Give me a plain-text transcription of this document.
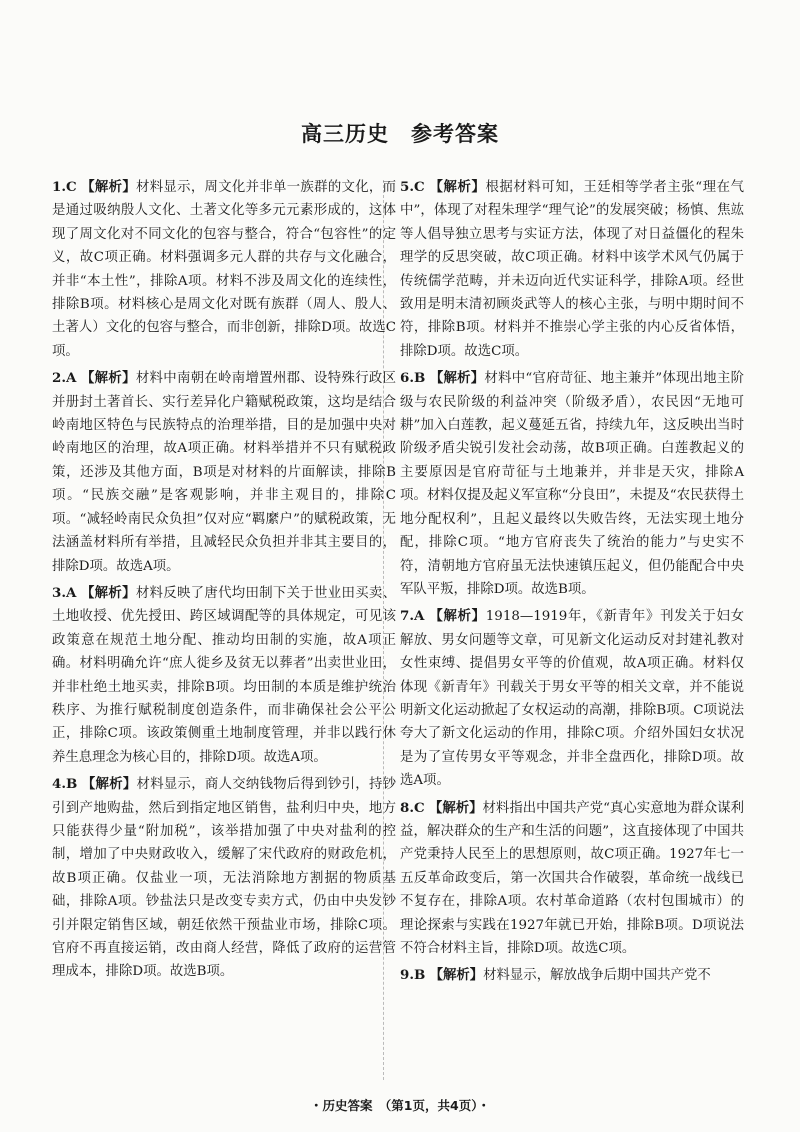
高三历史　参考答案
1.C 【解析】材料显示，周文化并非单一族群的文化，而是通过吸纳殷人文化、土著文化等多元元素形成的，这体现了周文化对不同文化的包容与整合，符合“包容性”的定义，故C项正确。材料强调多元人群的共存与文化融合，并非“本土性”，排除A项。材料不涉及周文化的连续性，排除B项。材料核心是周文化对既有族群（周人、殷人、土著人）文化的包容与整合，而非创新，排除D项。故选C项。
2.A 【解析】材料中南朝在岭南增置州郡、设特殊行政区并册封土著首长、实行差异化户籍赋税政策，这均是结合岭南地区特色与民族特点的治理举措，目的是加强中央对岭南地区的治理，故A项正确。材料举措并不只有赋税政策，还涉及其他方面，B项是对材料的片面解读，排除B项。“民族交融”是客观影响，并非主观目的，排除C项。“减轻岭南民众负担”仅对应“羁縻户”的赋税政策，无法涵盖材料所有举措，且减轻民众负担并非其主要目的，排除D项。故选A项。
3.A 【解析】材料反映了唐代均田制下关于世业田买卖、土地收授、优先授田、跨区域调配等的具体规定，可见该政策意在规范土地分配、推动均田制的实施，故A项正确。材料明确允许“庶人徙乡及贫无以葬者”出卖世业田，并非杜绝土地买卖，排除B项。均田制的本质是维护统治秩序、为推行赋税制度创造条件，而非确保社会公平公正，排除C项。该政策侧重土地制度管理，并非以践行休养生息理念为核心目的，排除D项。故选A项。
4.B 【解析】材料显示，商人交纳钱物后得到钞引，持钞引到产地购盐，然后到指定地区销售，盐利归中央，地方只能获得少量“附加税”，该举措加强了中央对盐利的控制，增加了中央财政收入，缓解了宋代政府的财政危机，故B项正确。仅盐业一项，无法消除地方割据的物质基础，排除A项。钞盐法只是改变专卖方式，仍由中央发钞引并限定销售区域，朝廷依然干预盐业市场，排除C项。官府不再直接运销，改由商人经营，降低了政府的运营管理成本，排除D项。故选B项。
5.C 【解析】根据材料可知，王廷相等学者主张“理在气中”，体现了对程朱理学“理气论”的发展突破；杨慎、焦竑等人倡导独立思考与实证方法，体现了对日益僵化的程朱理学的反思突破，故C项正确。材料中该学术风气仍属于传统儒学范畴，并未迈向近代实证科学，排除A项。经世致用是明末清初顾炎武等人的核心主张，与明中期时间不符，排除B项。材料并不推崇心学主张的内心反省体悟，排除D项。故选C项。
6.B 【解析】材料中“官府苛征、地主兼并”体现出地主阶级与农民阶级的利益冲突（阶级矛盾），农民因“无地可耕”加入白莲教，起义蔓延五省，持续九年，这反映出当时阶级矛盾尖锐引发社会动荡，故B项正确。白莲教起义的主要原因是官府苛征与土地兼并，并非是天灾，排除A项。材料仅提及起义军宣称“分良田”，未提及“农民获得土地分配权利”，且起义最终以失败告终，无法实现土地分配，排除C项。“地方官府丧失了统治的能力”与史实不符，清朝地方官府虽无法快速镇压起义，但仍能配合中央军队平叛，排除D项。故选B项。
7.A 【解析】1918—1919年，《新青年》刊发关于妇女解放、男女问题等文章，可见新文化运动反对封建礼教对女性束缚、提倡男女平等的价值观，故A项正确。材料仅体现《新青年》刊载关于男女平等的相关文章，并不能说明新文化运动掀起了女权运动的高潮，排除B项。C项说法夸大了新文化运动的作用，排除C项。介绍外国妇女状况是为了宣传男女平等观念，并非全盘西化，排除D项。故选A项。
8.C 【解析】材料指出中国共产党“真心实意地为群众谋利益，解决群众的生产和生活的问题”，这直接体现了中国共产党秉持人民至上的思想原则，故C项正确。1927年七一五反革命政变后，第一次国共合作破裂，革命统一战线已不复存在，排除A项。农村革命道路（农村包围城市）的理论探索与实践在1927年就已开始，排除B项。D项说法不符合材料主旨，排除D项。故选C项。
9.B 【解析】材料显示，解放战争后期中国共产党不
・历史答案　（第1页，共4页）・
